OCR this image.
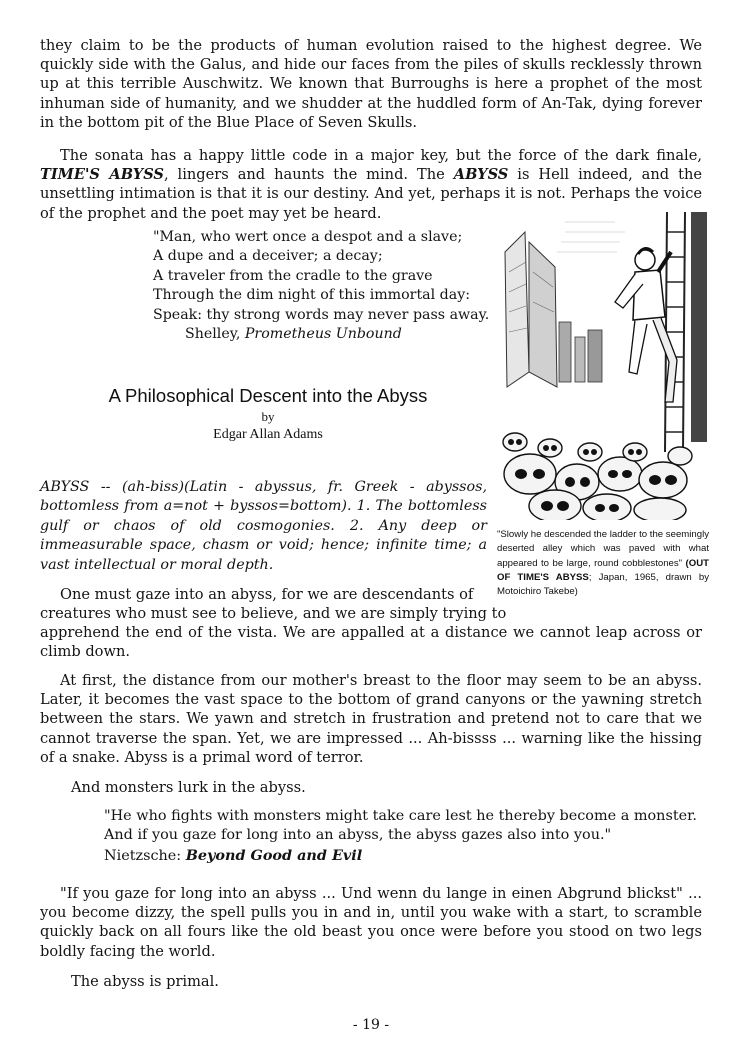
they claim to be the products of human evolution raised to the highest degree. We quickly side with the Galus, and hide our faces from the piles of skulls recklessly thrown up at this terrible Auschwitz. We known that Burroughs is here a prophet of the most inhuman side of humanity, and we shudder at the huddled form of An-Tak, dying forever in the bottom pit of the Blue Place of Seven Skulls.

The sonata has a happy little code in a major key, but the force of the dark finale, TIME'S ABYSS, lingers and haunts the mind. The ABYSS is Hell indeed, and the unsettling intimation is that it is our destiny. And yet, perhaps it is not. Perhaps the voice of the prophet and the poet may yet be heard.

"Man, who wert once a despot and a slave;
A dupe and a deceiver; a decay;
A traveler from the cradle to the grave
Through the dim night of this immortal day:
Speak: thy strong words may never pass away.
Shelley, Prometheus Unbound
A Philosophical Descent into the Abyss
by
Edgar Allan Adams
"Slowly he descended the ladder to the seemingly deserted alley which was paved with what appeared to be large, round cobblestones" (OUT OF TIME'S ABYSS; Japan, 1965, drawn by Motoichiro Takebe)

ABYSS -- (ah-biss)(Latin - abyssus, fr. Greek - abyssos, bottomless from a=not + byssos=bottom). 1. The bottomless gulf or chaos of old cosmogonies. 2. Any deep or immeasurable space, chasm or void; hence; infinite time; a vast intellectual or moral depth.

One must gaze into an abyss, for we are descendants of

creatures who must see to believe, and we are simply trying to

apprehend the end of the vista. We are appalled at a distance we cannot leap across or climb down.

At first, the distance from our mother's breast to the floor may seem to be an abyss. Later, it becomes the vast space to the bottom of grand canyons or the yawning stretch between the stars. We yawn and stretch in frustration and pretend not to care that we cannot traverse the span. Yet, we are impressed ... Ah-bissss ... warning like the hissing of a snake. Abyss is a primal word of terror.

And monsters lurk in the abyss.

"He who fights with monsters might take care lest he thereby become a monster.
And if you gaze for long into an abyss, the abyss gazes also into you."
Nietzsche: Beyond Good and Evil

"If you gaze for long into an abyss ... Und wenn du lange in einen Abgrund blickst" ... you become dizzy, the spell pulls you in and in, until you wake with a start, to scramble quickly back on all fours like the old beast you once were before you stood on two legs boldly facing the world.

The abyss is primal.

- 19 -
